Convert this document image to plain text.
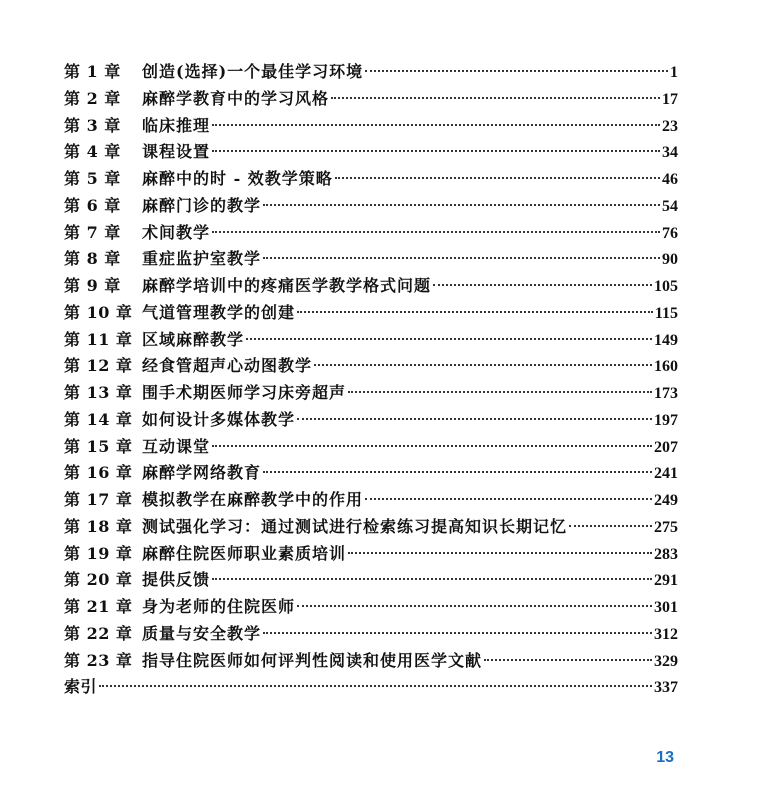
第 1 章	创造(选择)一个最佳学习环境	1
第 2 章	麻醉学教育中的学习风格	17
第 3 章	临床推理	23
第 4 章	课程设置	34
第 5 章	麻醉中的时 - 效教学策略	46
第 6 章	麻醉门诊的教学	54
第 7 章	术间教学	76
第 8 章	重症监护室教学	90
第 9 章	麻醉学培训中的疼痛医学教学格式问题	105
第 10 章 气道管理教学的创建	115
第 11 章 区域麻醉教学	149
第 12 章 经食管超声心动图教学	160
第 13 章 围手术期医师学习床旁超声	173
第 14 章 如何设计多媒体教学	197
第 15 章 互动课堂	207
第 16 章 麻醉学网络教育	241
第 17 章 模拟教学在麻醉教学中的作用	249
第 18 章 测试强化学习：通过测试进行检索练习提高知识长期记忆	275
第 19 章 麻醉住院医师职业素质培训	283
第 20 章 提供反馈	291
第 21 章 身为老师的住院医师	301
第 22 章 质量与安全教学	312
第 23 章 指导住院医师如何评判性阅读和使用医学文献	329
索引	337
13
